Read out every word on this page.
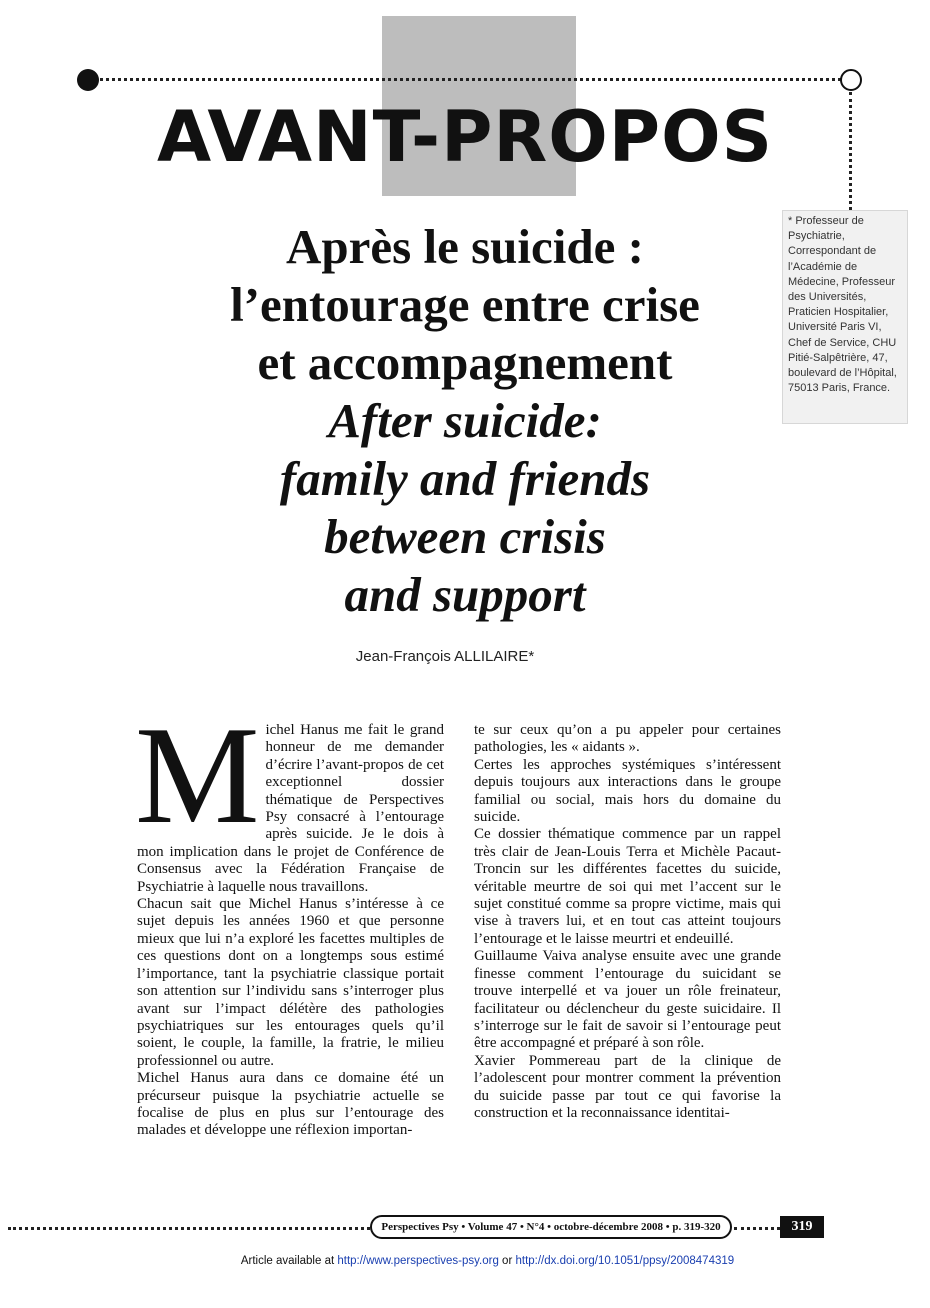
AVANT-PROPOS
* Professeur de Psychiatrie, Correspondant de l’Académie de Médecine, Professeur des Universités, Praticien Hospitalier, Université Paris VI, Chef de Service, CHU Pitié-Salpêtrière, 47, boulevard de l’Hôpital, 75013 Paris, France.
Après le suicide :
l’entourage entre crise
et accompagnement
After suicide:
family and friends
between crisis
and support
Jean-François ALLILAIRE*
M ichel Hanus me fait le grand honneur de me demander d’écrire l’avant-propos de cet exceptionnel dossier thématique de Perspectives Psy consacré à l’entourage après suicide. Je le dois à mon implication dans le projet de Conférence de Consensus avec la Fédération Française de Psychiatrie à laquelle nous travaillons.

Chacun sait que Michel Hanus s’intéresse à ce sujet depuis les années 1960 et que personne mieux que lui n’a exploré les facettes multiples de ces questions dont on a longtemps sous estimé l’importance, tant la psychiatrie classique portait son attention sur l’individu sans s’interroger plus avant sur l’impact délétère des pathologies psychiatriques sur les entourages quels qu’il soient, le couple, la famille, la fratrie, le milieu professionnel ou autre.

Michel Hanus aura dans ce domaine été un précurseur puisque la psychiatrie actuelle se focalise de plus en plus sur l’entourage des malades et développe une réflexion importan-

te sur ceux qu’on a pu appeler pour certaines pathologies, les « aidants ».

Certes les approches systémiques s’intéressent depuis toujours aux interactions dans le groupe familial ou social, mais hors du domaine du suicide.

Ce dossier thématique commence par un rappel très clair de Jean-Louis Terra et Michèle Pacaut-Troncin sur les différentes facettes du suicide, véritable meurtre de soi qui met l’accent sur le sujet constitué comme sa propre victime, mais qui vise à travers lui, et en tout cas atteint toujours l’entourage et le laisse meurtri et endeuillé.

Guillaume Vaiva analyse ensuite avec une grande finesse comment l’entourage du suicidant se trouve interpellé et va jouer un rôle freinateur, facilitateur ou déclencheur du geste suicidaire. Il s’interroge sur le fait de savoir si l’entourage peut être accompagné et préparé à son rôle.

Xavier Pommereau part de la clinique de l’adolescent pour montrer comment la prévention du suicide passe par tout ce qui favorise la construction et la reconnaissance identitai-

Perspectives Psy • Volume 47 • N°4 • octobre-décembre 2008 • p. 319-320	319
Article available at http://www.perspectives-psy.org or http://dx.doi.org/10.1051/ppsy/2008474319
